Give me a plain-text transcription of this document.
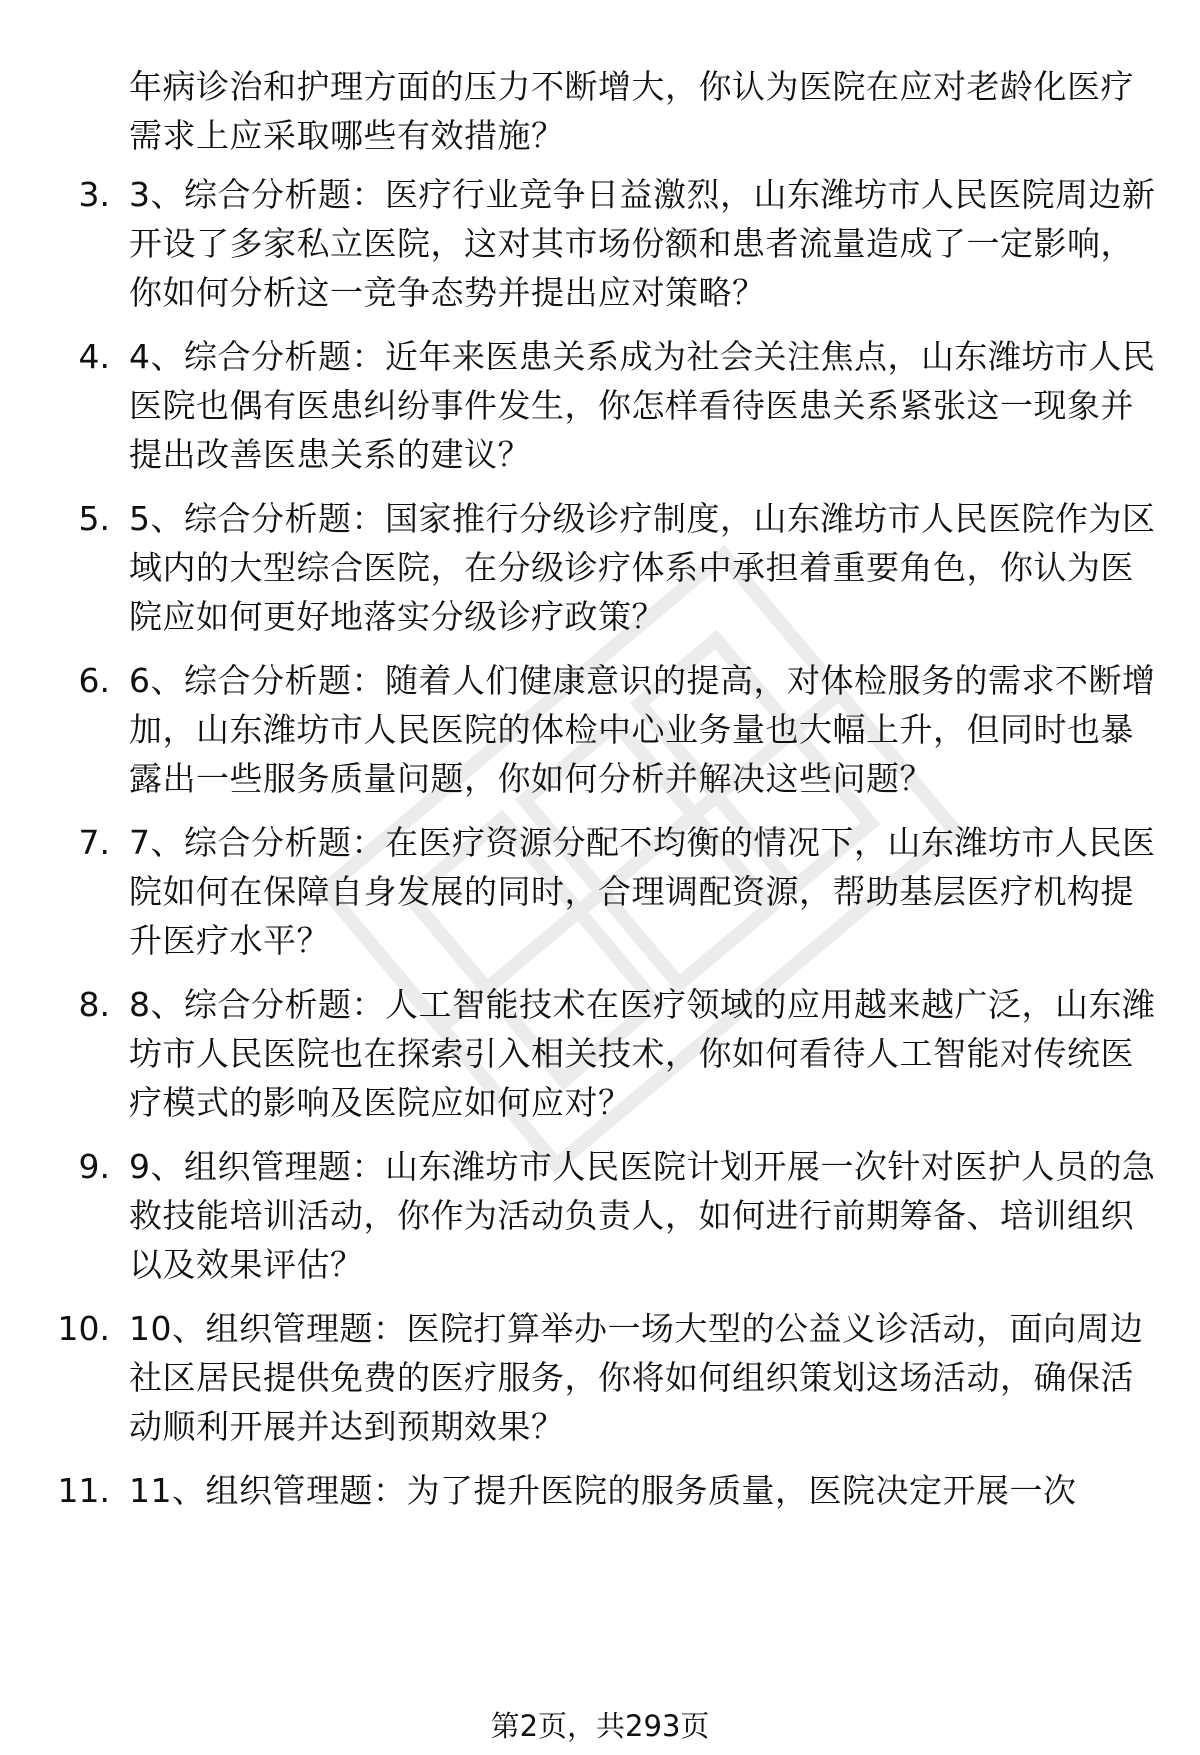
年病诊治和护理方面的压力不断增大，你认为医院在应对老龄化医疗需求上应采取哪些有效措施？
3. 3、综合分析题：医疗行业竞争日益激烈，山东潍坊市人民医院周边新开设了多家私立医院，这对其市场份额和患者流量造成了一定影响，你如何分析这一竞争态势并提出应对策略？
4. 4、综合分析题：近年来医患关系成为社会关注焦点，山东潍坊市人民医院也偶有医患纠纷事件发生，你怎样看待医患关系紧张这一现象并提出改善医患关系的建议？
5. 5、综合分析题：国家推行分级诊疗制度，山东潍坊市人民医院作为区域内的大型综合医院，在分级诊疗体系中承担着重要角色，你认为医院应如何更好地落实分级诊疗政策？
6. 6、综合分析题：随着人们健康意识的提高，对体检服务的需求不断增加，山东潍坊市人民医院的体检中心业务量也大幅上升，但同时也暴露出一些服务质量问题，你如何分析并解决这些问题？
7. 7、综合分析题：在医疗资源分配不均衡的情况下，山东潍坊市人民医院如何在保障自身发展的同时，合理调配资源，帮助基层医疗机构提升医疗水平？
8. 8、综合分析题：人工智能技术在医疗领域的应用越来越广泛，山东潍坊市人民医院也在探索引入相关技术，你如何看待人工智能对传统医疗模式的影响及医院应如何应对？
9. 9、组织管理题：山东潍坊市人民医院计划开展一次针对医护人员的急救技能培训活动，你作为活动负责人，如何进行前期筹备、培训组织以及效果评估？
10. 10、组织管理题：医院打算举办一场大型的公益义诊活动，面向周边社区居民提供免费的医疗服务，你将如何组织策划这场活动，确保活动顺利开展并达到预期效果？
11. 11、组织管理题：为了提升医院的服务质量，医院决定开展一次
第2页，共293页
